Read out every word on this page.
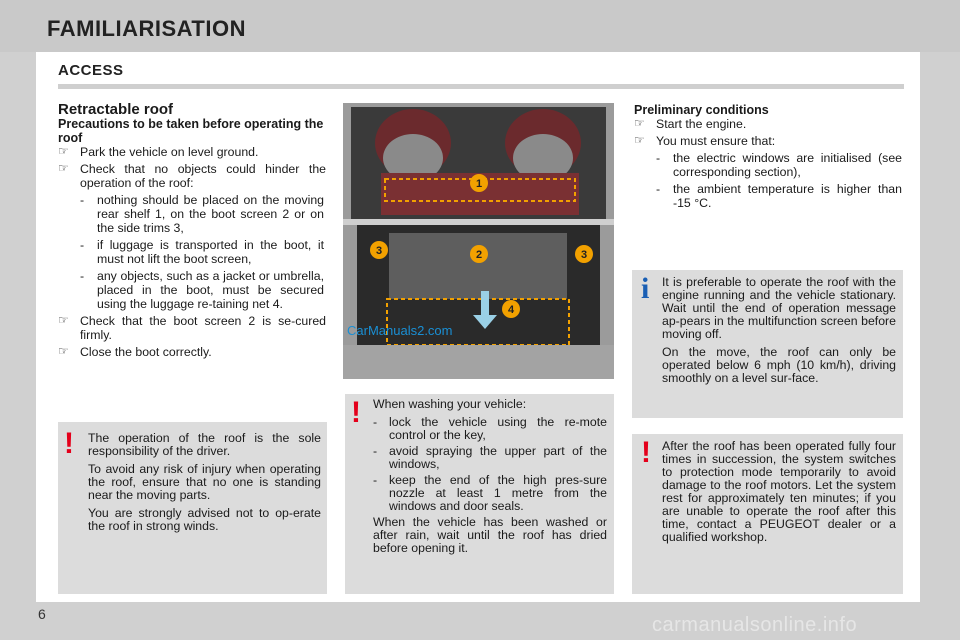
FAMILIARISATION
ACCESS

Retractable roof

Precautions to be taken before operating the roof

☞ Park the vehicle on level ground.
☞ Check that no objects could hinder the operation of the roof:
- nothing should be placed on the moving rear shelf 1, on the boot screen 2 or on the side trims 3,
- if luggage is transported in the boot, it must not lift the boot screen,
- any objects, such as a jacket or umbrella, placed in the boot, must be secured using the luggage re-taining net 4.
☞ Check that the boot screen 2 is se-cured firmly.
☞ Close the boot correctly.
! The operation of the roof is the sole responsibility of the driver.

To avoid any risk of injury when operating the roof, ensure that no one is standing near the moving parts.

You are strongly advised not to op-erate the roof in strong winds.

1
2
3	3
4
CarManuals2.com
! When washing your vehicle:

- lock the vehicle using the re-mote control or the key,
- avoid spraying the upper part of the windows,
- keep the end of the high pres-sure nozzle at least 1 metre from the windows and door seals.

When the vehicle has been washed or after rain, wait until the roof has dried before opening it.

Preliminary conditions

☞ Start the engine.
☞ You must ensure that:
- the electric windows are initialised (see corresponding section),
- the ambient temperature is higher than -15 °C.
i It is preferable to operate the roof with the engine running and the vehicle stationary. Wait until the end of operation message ap-pears in the multifunction screen before moving off.

On the move, the roof can only be operated below 6 mph (10 km/h), driving smoothly on a level sur-face.

! After the roof has been operated fully four times in succession, the system switches to protection mode temporarily to avoid damage to the roof motors. Let the system rest for approximately ten minutes; if you are unable to operate the roof after this time, contact a PEUGEOT dealer or a qualified workshop.

6	carmanualsonline.info
